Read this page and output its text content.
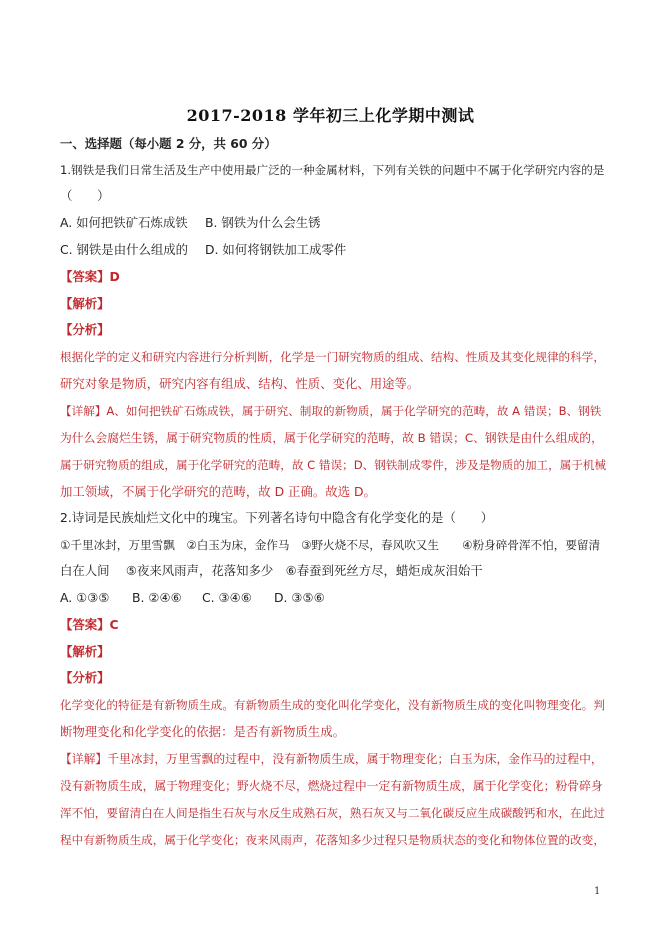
2017-2018 学年初三上化学期中测试
一、选择题（每小题 2 分，共 60 分）
1.钢铁是我们日常生活及生产中使用最广泛的一种金属材料，下列有关铁的问题中不属于化学研究内容的是
（　　）
A. 如何把铁矿石炼成铁 B. 钢铁为什么会生锈
C. 钢铁是由什么组成的 D. 如何将钢铁加工成零件
【答案】D
【解析】
【分析】
根据化学的定义和研究内容进行分析判断，化学是一门研究物质的组成、结构、性质及其变化规律的科学，
研究对象是物质，研究内容有组成、结构、性质、变化、用途等。
【详解】A、如何把铁矿石炼成铁，属于研究、制取的新物质，属于化学研究的范畴，故 A 错误；B、钢铁
为什么会腐烂生锈，属于研究物质的性质，属于化学研究的范畴，故 B 错误；C、钢铁是由什么组成的，
属于研究物质的组成，属于化学研究的范畴，故 C 错误；D、钢铁制成零件，涉及是物质的加工，属于机械
加工领域，不属于化学研究的范畴，故 D 正确。故选 D。
2.诗词是民族灿烂文化中的瑰宝。下列著名诗句中隐含有化学变化的是（　　）
①千里冰封，万里雪飘　②白玉为床，金作马　③野火烧不尽，春风吹又生　　④粉身碎骨浑不怕，要留清
白在人间　 ⑤夜来风雨声，花落知多少　⑥春蚕到死丝方尽，蜡炬成灰泪始干
A. ①③⑤ B. ②④⑥ C. ③④⑥ D. ③⑤⑥
【答案】C
【解析】
【分析】
化学变化的特征是有新物质生成。有新物质生成的变化叫化学变化，没有新物质生成的变化叫物理变化。判
断物理变化和化学变化的依据：是否有新物质生成。
【详解】千里冰封，万里雪飘的过程中，没有新物质生成，属于物理变化；白玉为床，金作马的过程中，
没有新物质生成，属于物理变化；野火烧不尽，燃烧过程中一定有新物质生成，属于化学变化；粉骨碎身
浑不怕，要留清白在人间是指生石灰与水反生成熟石灰，熟石灰又与二氧化碳反应生成碳酸钙和水，在此过
程中有新物质生成，属于化学变化；夜来风雨声，花落知多少过程只是物质状态的变化和物体位置的改变，
1
